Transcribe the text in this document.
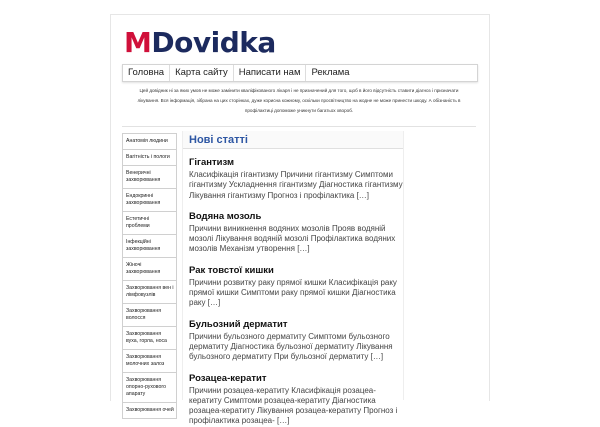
MDovidka
Головна	Карта сайту	Написати нам	Реклама
Цей довідник ні за яких умов не може замінити кваліфікованого лікаря і не призначений для того, щоб в його відсутність ставити діагноз і призначати лікування. Вся інформація, зібрана на цих сторінках, дуже корисна кожному, оскільки просвітництво на жодне не може принести шкоду. А обізнаність в профілактиці допоможе уникнути багатьох хвороб.
Анатомія людини
Вагітність і пологи
Венеричні захворювання
Ендокринні захворювання
Естетичні проблеми
Інфекційні захворювання
Жіночі захворювання
Захворювання вен і лімфовузлів
Захворювання волосся
Захворювання вуха, горла, носа
Захворювання молочних залоз
Захворювання опорно-рухового апарату
Захворювання очей
Нові статті
Гігантизм
Класифікація гігантизму Причини гігантизму Симптоми гігантизму Ускладнення гігантизму Діагностика гігантизму Лікування гігантизму Прогноз і профілактика […]
Водяна мозоль
Причини виникнення водяних мозолів Прояв водяній мозолі Лікування водяній мозолі Профілактика водяних мозолів Механізм утворення […]
Рак товстої кишки
Причини розвитку раку прямої кишки Класифікація раку прямої кишки Симптоми раку прямої кишки Діагностика раку […]
Бульозний дерматит
Причини бульозного дерматиту Симптоми бульозного дерматиту Діагностика бульозної дерматиту Лікування бульозного дерматиту При бульозної дерматиту […]
Розацеа-кератит
Причини розацеа-кератиту Класифікація розацеа-кератиту Симптоми розацеа-кератиту Діагностика розацеа-кератиту Лікування розацеа-кератиту Прогноз і профілактика розацеа- […]
